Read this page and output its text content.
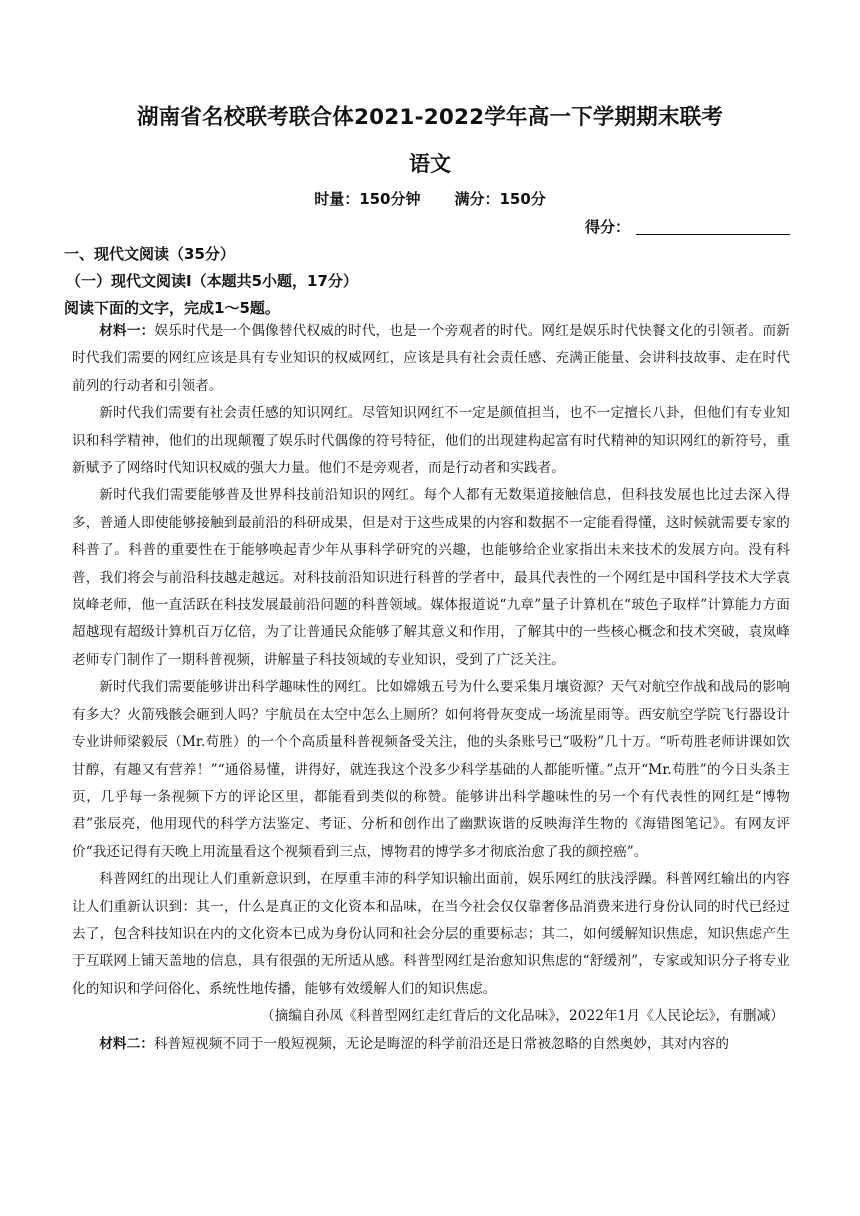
湖南省名校联考联合体2021-2022学年高一下学期期末联考
语文
时量：150分钟 满分：150分
得分：
一、现代文阅读（35分）
（一）现代文阅读Ⅰ（本题共5小题，17分）
阅读下面的文字，完成1～5题。

材料一：娱乐时代是一个偶像替代权威的时代，也是一个旁观者的时代。网红是娱乐时代快餐文化的引领者。而新时代我们需要的网红应该是具有专业知识的权威网红，应该是具有社会责任感、充满正能量、会讲科技故事、走在时代前列的行动者和引领者。

新时代我们需要有社会责任感的知识网红。尽管知识网红不一定是颜值担当，也不一定擅长八卦，但他们有专业知识和科学精神，他们的出现颠覆了娱乐时代偶像的符号特征，他们的出现建构起富有时代精神的知识网红的新符号，重新赋予了网络时代知识权威的强大力量。他们不是旁观者，而是行动者和实践者。

新时代我们需要能够普及世界科技前沿知识的网红。每个人都有无数渠道接触信息，但科技发展也比过去深入得多，普通人即使能够接触到最前沿的科研成果，但是对于这些成果的内容和数据不一定能看得懂，这时候就需要专家的科普了。科普的重要性在于能够唤起青少年从事科学研究的兴趣，也能够给企业家指出未来技术的发展方向。没有科普，我们将会与前沿科技越走越远。对科技前沿知识进行科普的学者中，最具代表性的一个网红是中国科学技术大学袁岚峰老师，他一直活跃在科技发展最前沿问题的科普领域。媒体报道说“九章”量子计算机在“玻色子取样”计算能力方面超越现有超级计算机百万亿倍，为了让普通民众能够了解其意义和作用，了解其中的一些核心概念和技术突破，袁岚峰老师专门制作了一期科普视频，讲解量子科技领域的专业知识，受到了广泛关注。

新时代我们需要能够讲出科学趣味性的网红。比如嫦娥五号为什么要采集月壤资源？天气对航空作战和战局的影响有多大？火箭残骸会砸到人吗？宇航员在太空中怎么上厕所？如何将骨灰变成一场流星雨等。西安航空学院飞行器设计专业讲师梁毅辰（Mr.苟胜）的一个个高质量科普视频备受关注，他的头条账号已“吸粉”几十万。“听苟胜老师讲课如饮甘醇，有趣又有营养！”“通俗易懂，讲得好，就连我这个没多少科学基础的人都能听懂。”点开“Mr.苟胜”的今日头条主页，几乎每一条视频下方的评论区里，都能看到类似的称赞。能够讲出科学趣味性的另一个有代表性的网红是“博物君”张辰亮，他用现代的科学方法鉴定、考证、分析和创作出了幽默诙谐的反映海洋生物的《海错图笔记》。有网友评价“我还记得有天晚上用流量看这个视频看到三点，博物君的博学多才彻底治愈了我的颜控癌”。

科普网红的出现让人们重新意识到，在厚重丰沛的科学知识输出面前，娱乐网红的肤浅浮躁。科普网红输出的内容让人们重新认识到：其一，什么是真正的文化资本和品味，在当今社会仅仅靠奢侈品消费来进行身份认同的时代已经过去了，包含科技知识在内的文化资本已成为身份认同和社会分层的重要标志；其二，如何缓解知识焦虑，知识焦虑产生于互联网上铺天盖地的信息，具有很强的无所适从感。科普型网红是治愈知识焦虑的“舒缓剂”，专家或知识分子将专业化的知识和学问俗化、系统性地传播，能够有效缓解人们的知识焦虑。

（摘编自孙凤《科普型网红走红背后的文化品味》，2022年1月《人民论坛》，有删减）

材料二：科普短视频不同于一般短视频，无论是晦涩的科学前沿还是日常被忽略的自然奥妙，其对内容的
